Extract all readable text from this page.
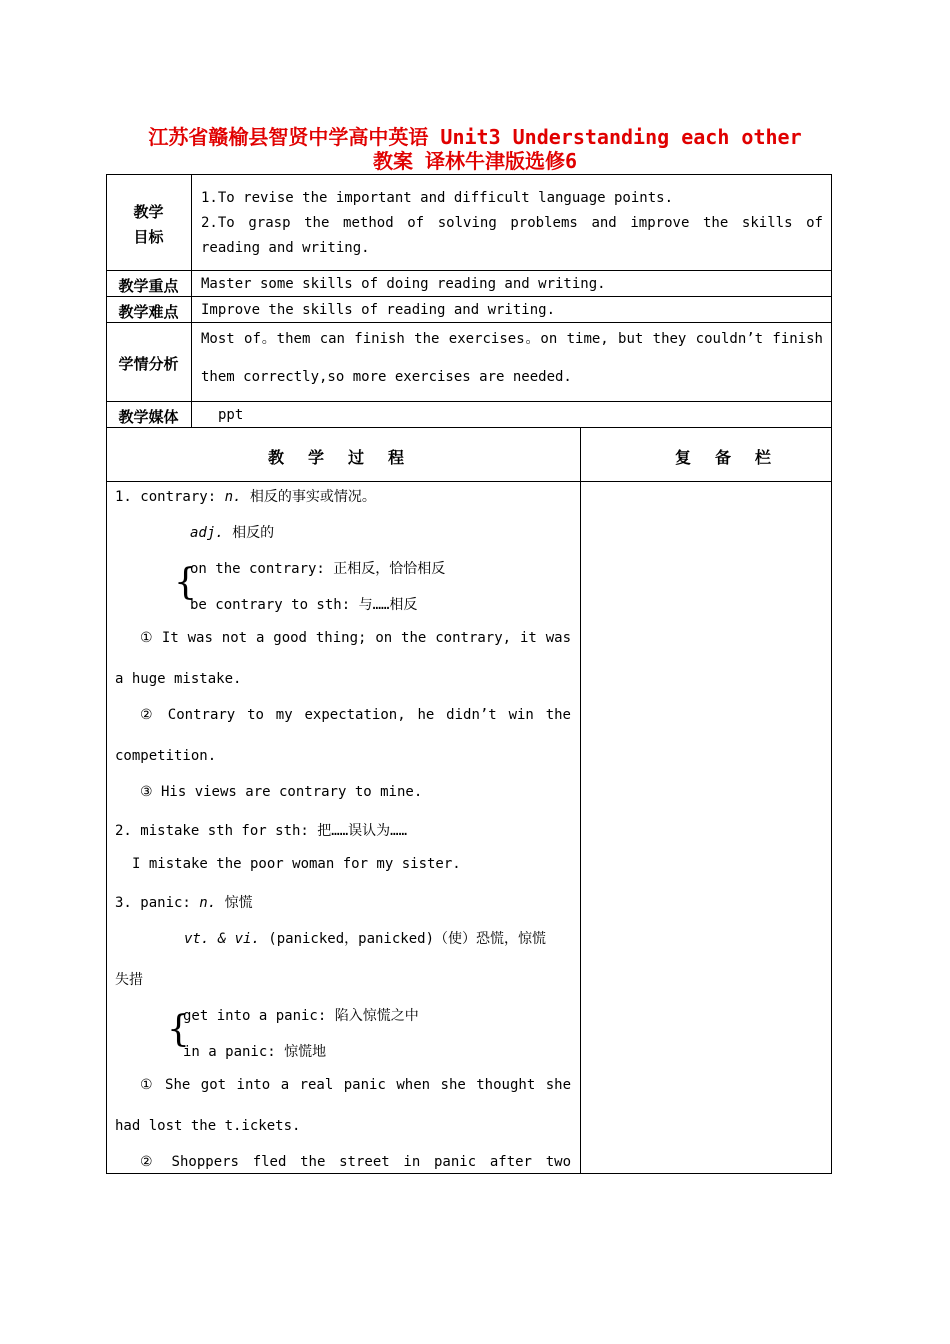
江苏省赣榆县智贤中学高中英语 Unit3 Understanding each other
教案 译林牛津版选修6
教学
目标
教学重点
教学难点
学情分析
教学媒体
1.To revise the important and difficult language points.
2.To grasp the method of solving problems and improve the skills of
reading and writing.
Master some skills of doing reading and writing.
Improve the skills of reading and writing.
Most of。them can finish the exercises。on time, but they couldn’t finish
them correctly,so more exercises are needed.
ppt
教学过程	复备栏
1. contrary: n. 相反的事实或情况。
adj. 相反的
{
on the contrary: 正相反，恰恰相反
be contrary to sth: 与……相反
① It was not a good thing; on the contrary, it was
a huge mistake.
② Contrary to my expectation, he didn’t win the
competition.
③ His views are contrary to mine.
2. mistake sth for sth: 把……误认为……
I mistake the poor woman for my sister.
3. panic: n. 惊慌
vt. & vi. (panicked，panicked)（使）恐慌，惊慌
失措
{
get into a panic: 陷入惊慌之中
in a panic: 惊慌地
① She got into a real panic when she thought she
had lost the t.ickets.
② Shoppers fled the street in panic after two
